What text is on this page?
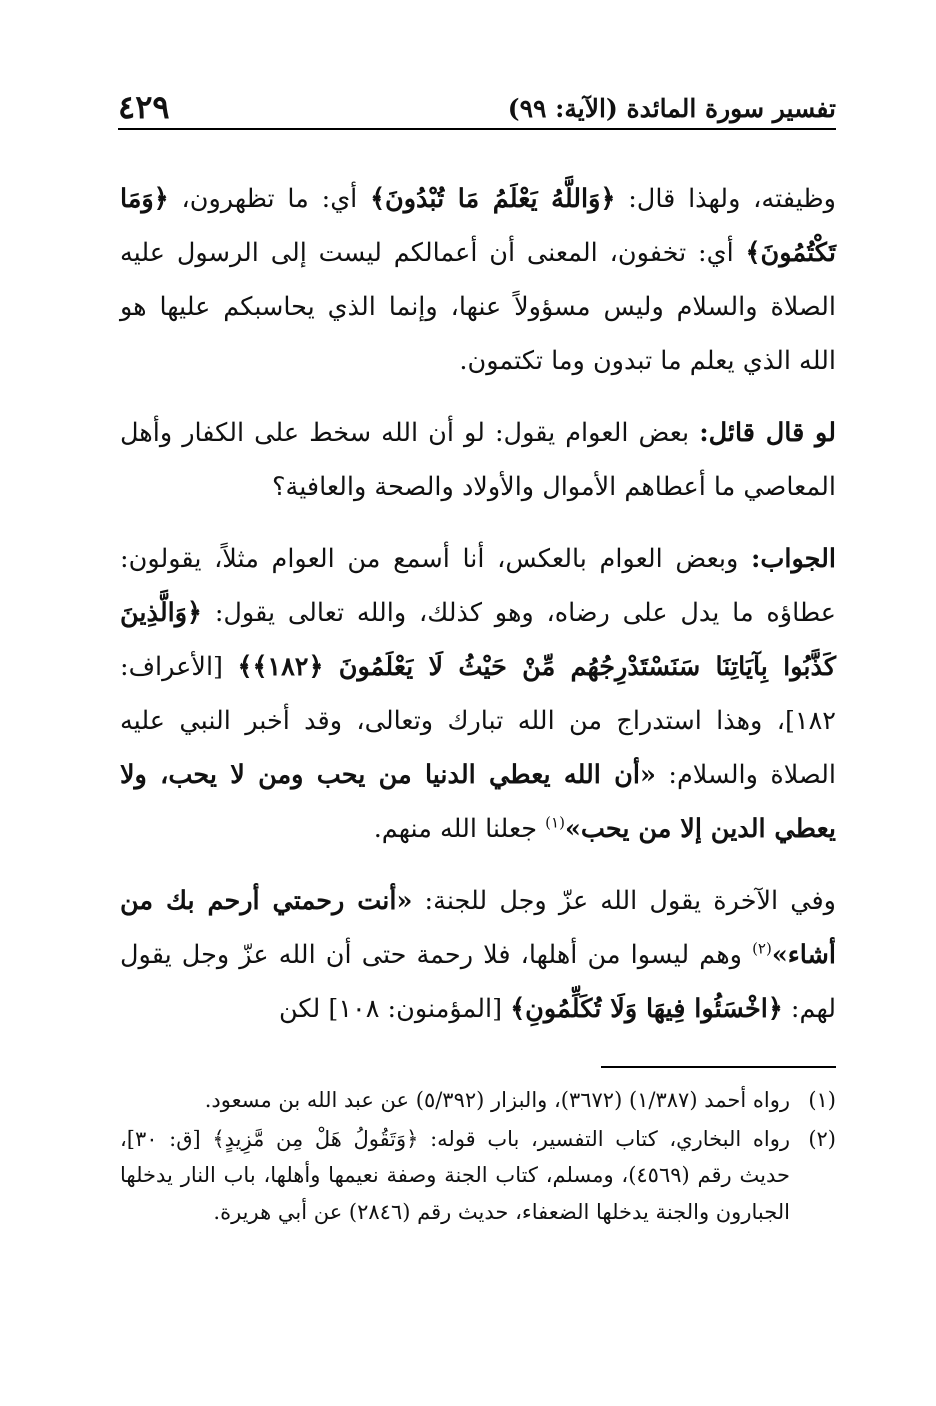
تفسير سورة المائدة (الآية: ٩٩)
٤٢٩

وظيفته، ولهذا قال: ﴿وَاللَّهُ يَعْلَمُ مَا تُبْدُونَ﴾ أي: ما تظهرون، ﴿وَمَا تَكْتُمُونَ﴾ أي: تخفون، المعنى أن أعمالكم ليست إلى الرسول عليه الصلاة والسلام وليس مسؤولاً عنها، وإنما الذي يحاسبكم عليها هو الله الذي يعلم ما تبدون وما تكتمون.

لو قال قائل: بعض العوام يقول: لو أن الله سخط على الكفار وأهل المعاصي ما أعطاهم الأموال والأولاد والصحة والعافية؟

الجواب: وبعض العوام بالعكس، أنا أسمع من العوام مثلاً، يقولون: عطاؤه ما يدل على رضاه، وهو كذلك، والله تعالى يقول: ﴿وَالَّذِينَ كَذَّبُوا بِآيَاتِنَا سَنَسْتَدْرِجُهُم مِّنْ حَيْثُ لَا يَعْلَمُونَ ﴿١٨٢﴾﴾ [الأعراف: ١٨٢]، وهذا استدراج من الله تبارك وتعالى، وقد أخبر النبي عليه الصلاة والسلام: «أن الله يعطي الدنيا من يحب ومن لا يحب، ولا يعطي الدين إلا من يحب»$^{(١)}$ جعلنا الله منهم.

وفي الآخرة يقول الله عزّ وجل للجنة: «أنت رحمتي أرحم بك من أشاء»$^{(٢)}$ وهم ليسوا من أهلها، فلا رحمة حتى أن الله عزّ وجل يقول لهم: ﴿اخْسَئُوا فِيهَا وَلَا تُكَلِّمُونِ﴾ [المؤمنون: ١٠٨] لكن

(١)
رواه أحمد (١/٣٨٧) (٣٦٧٢)، والبزار (٥/٣٩٢) عن عبد الله بن مسعود.
(٢)
رواه البخاري، كتاب التفسير، باب قوله: ﴿وَتَقُولُ هَلْ مِن مَّزِيدٍ﴾ [ق: ٣٠]، حديث رقم (٤٥٦٩)، ومسلم، كتاب الجنة وصفة نعيمها وأهلها، باب النار يدخلها الجبارون والجنة يدخلها الضعفاء، حديث رقم (٢٨٤٦) عن أبي هريرة.
